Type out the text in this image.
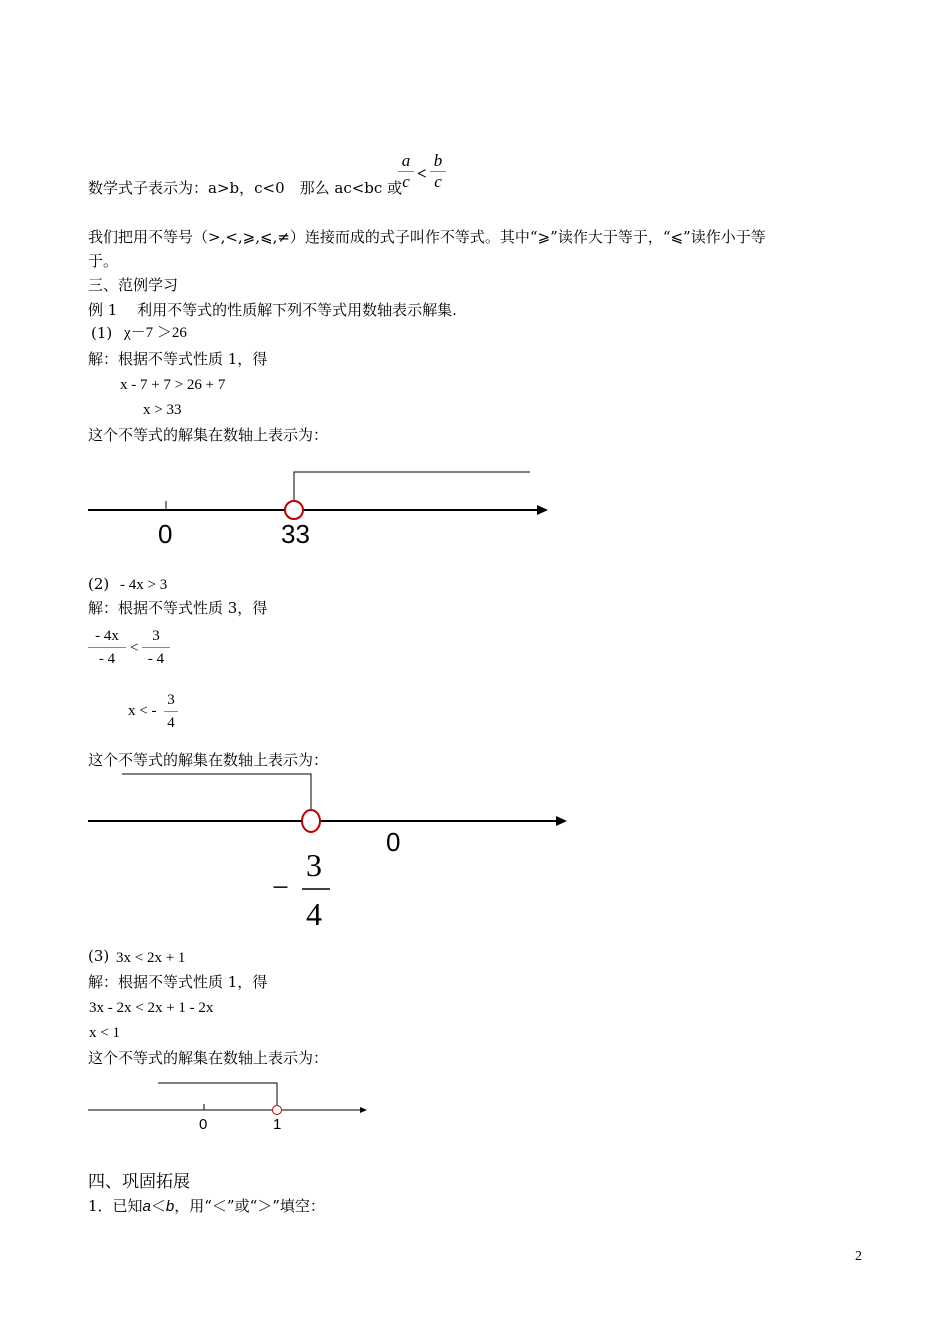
数学式子表示为：a>b，c<0　那么 ac<bc 或
a
c <
b
c
我们把用不等号（>,<,⩾,⩽,≠）连接而成的式子叫作不等式。其中“⩾”读作大于等于，“⩽”读作小于等
于。
三、范例学习
例 1　 利用不等式的性质解下列不等式用数轴表示解集.
(1) χ－7 ＞26
解：根据不等式性质 1，得
x - 7 + 7 > 26 + 7
x > 33
这个不等式的解集在数轴上表示为：
0	33
(2) - 4x > 3
解：根据不等式性质 3，得
- 4x
- 4
<
3
- 4
x < -
3
4
这个不等式的解集在数轴上表示为：
0
−
3
4
(3) 3x < 2x + 1
解：根据不等式性质 1，得
3x - 2x < 2x + 1 - 2x
x < 1
这个不等式的解集在数轴上表示为：
0	1
四、巩固拓展
1．已知a＜b，用“＜”或“＞”填空：
2
